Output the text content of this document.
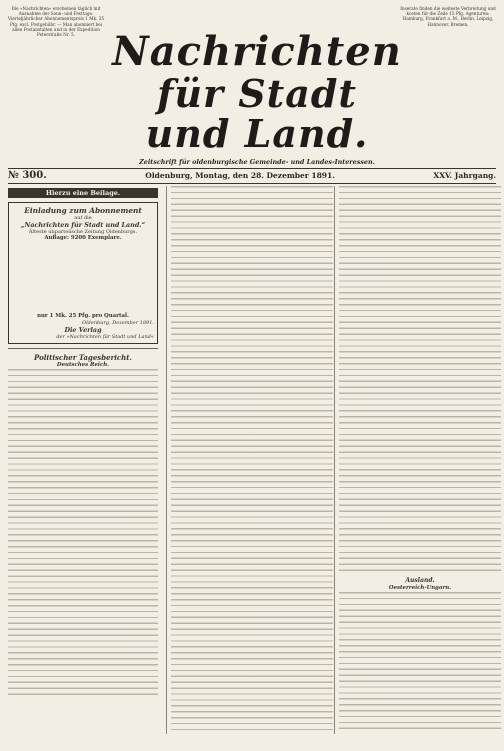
Die »Nachrichten« erscheinen täglich mit Ausnahme der Sonn- und Festtage. Vierteljährlicher Abonnementspreis 1 Mk. 25 Pfg. excl. Postgebühr. — Man abonniert bei allen Postanstalten und in der Expedition Peterstraße Nr. 5.
Inserate finden die weiteste Verbreitung und kosten für die Zeile 15 Pfg. Agenturen: Hamburg, Frankfurt a. M., Berlin, Leipzig, Hannover, Bremen.
Nachrichten
für Stadt und Land.
Zeitschrift für oldenburgische Gemeinde- und Landes-Interessen.
№ 300.	Oldenburg, Montag, den 28. Dezember 1891.	XXV. Jahrgang.
Hierzu eine Beilage.
Einladung zum Abonnement
auf die
„Nachrichten für Stadt und Land.“
Älteste unparteiische Zeitung Oldenburgs.
Auflage: 9200 Exemplare.

nur 1 Mk. 25 Pfg. pro Quartal.
Oldenburg, Dezember 1891.
Die Verlag
der »Nachrichten für Stadt und Land«
Politischer Tagesbericht.
Deutsches Reich.
Ausland.
Oesterreich-Ungarn.
